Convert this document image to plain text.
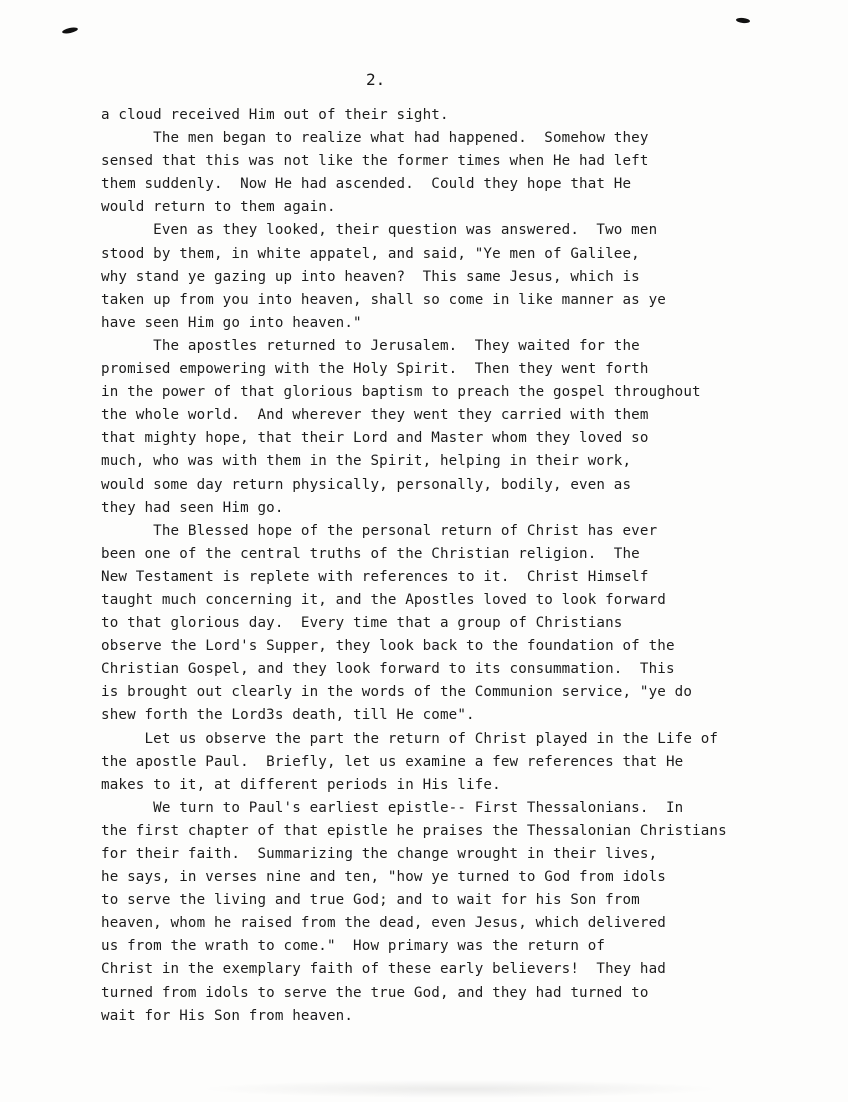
2.
a cloud received Him out of their sight.
The men began to realize what had happened.  Somehow they
sensed that this was not like the former times when He had left
them suddenly.  Now He had ascended.  Could they hope that He
would return to them again.
Even as they looked, their question was answered.  Two men
stood by them, in white appatel, and said, "Ye men of Galilee,
why stand ye gazing up into heaven?  This same Jesus, which is
taken up from you into heaven, shall so come in like manner as ye
have seen Him go into heaven."
The apostles returned to Jerusalem.  They waited for the
promised empowering with the Holy Spirit.  Then they went forth
in the power of that glorious baptism to preach the gospel throughout
the whole world.  And wherever they went they carried with them
that mighty hope, that their Lord and Master whom they loved so
much, who was with them in the Spirit, helping in their work,
would some day return physically, personally, bodily, even as
they had seen Him go.
The Blessed hope of the personal return of Christ has ever
been one of the central truths of the Christian religion.  The
New Testament is replete with references to it.  Christ Himself
taught much concerning it, and the Apostles loved to look forward
to that glorious day.  Every time that a group of Christians
observe the Lord's Supper, they look back to the foundation of the
Christian Gospel, and they look forward to its consummation.  This
is brought out clearly in the words of the Communion service, "ye do
shew forth the Lord3s death, till He come".
Let us observe the part the return of Christ played in the Life of
the apostle Paul.  Briefly, let us examine a few references that He
makes to it, at different periods in His life.
We turn to Paul's earliest epistle-- First Thessalonians.  In
the first chapter of that epistle he praises the Thessalonian Christians
for their faith.  Summarizing the change wrought in their lives,
he says, in verses nine and ten, "how ye turned to God from idols
to serve the living and true God; and to wait for his Son from
heaven, whom he raised from the dead, even Jesus, which delivered
us from the wrath to come."  How primary was the return of
Christ in the exemplary faith of these early believers!  They had
turned from idols to serve the true God, and they had turned to
wait for His Son from heaven.
